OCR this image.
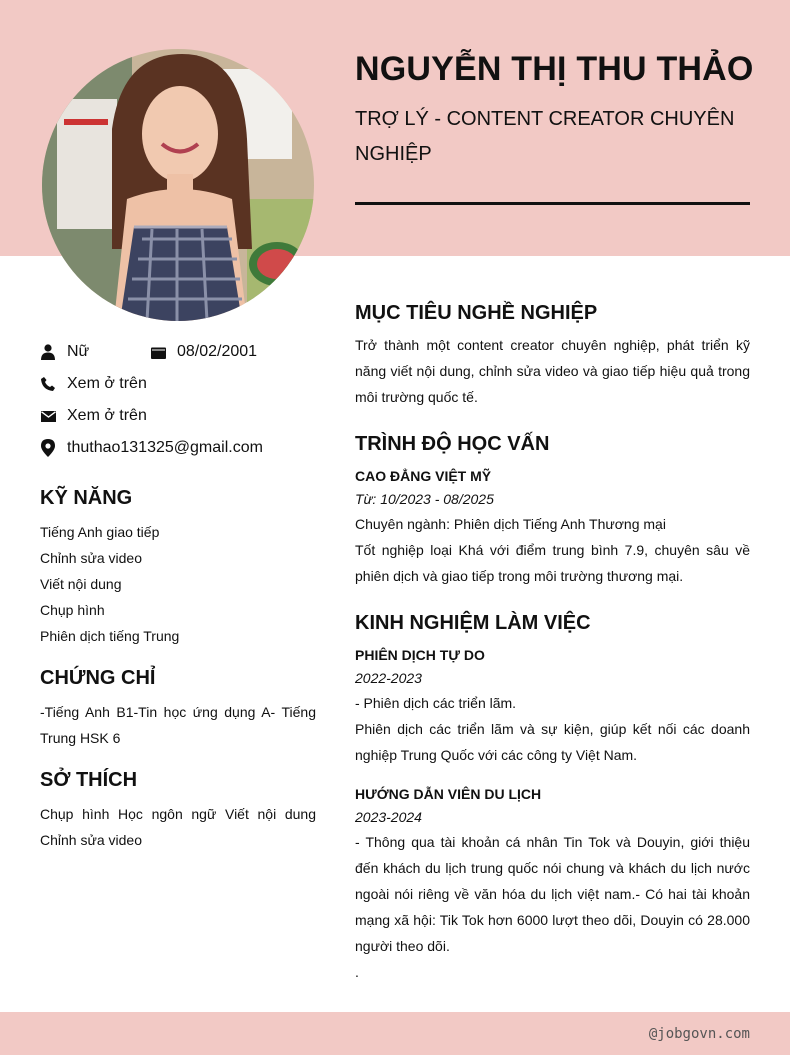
NGUYỄN THỊ THU THẢO
TRỢ LÝ - CONTENT CREATOR CHUYÊN NGHIỆP
Nữ	08/02/2001
Xem ở trên
Xem ở trên
thuthao131325@gmail.com
KỸ NĂNG
Tiếng Anh giao tiếp
Chỉnh sửa video
Viết nội dung
Chụp hình
Phiên dịch tiếng Trung
CHỨNG CHỈ
-Tiếng Anh B1-Tin học ứng dụng A- Tiếng Trung HSK 6
SỞ THÍCH
Chụp hình Học ngôn ngữ Viết nội dung Chỉnh sửa video
MỤC TIÊU NGHỀ NGHIỆP
Trở thành một content creator chuyên nghiệp, phát triển kỹ năng viết nội dung, chỉnh sửa video và giao tiếp hiệu quả trong môi trường quốc tế.
TRÌNH ĐỘ HỌC VẤN
CAO ĐẲNG VIỆT MỸ
Từ: 10/2023 - 08/2025
Chuyên ngành: Phiên dịch Tiếng Anh Thương mại
Tốt nghiệp loại Khá với điểm trung bình 7.9, chuyên sâu về phiên dịch và giao tiếp trong môi trường thương mại.
KINH NGHIỆM LÀM VIỆC
PHIÊN DỊCH TỰ DO
2022-2023
- Phiên dịch các triển lãm.
Phiên dịch các triển lãm và sự kiện, giúp kết nối các doanh nghiệp Trung Quốc với các công ty Việt Nam.
HƯỚNG DẪN VIÊN DU LỊCH
2023-2024
- Thông qua tài khoản cá nhân Tin Tok và Douyin, giới thiệu đến khách du lịch trung quốc nói chung và khách du lịch nước ngoài nói riêng về văn hóa du lịch việt nam.- Có hai tài khoản mạng xã hội: Tik Tok hơn 6000 lượt theo dõi, Douyin có 28.000 người theo dõi.
.
@jobgovn.com
